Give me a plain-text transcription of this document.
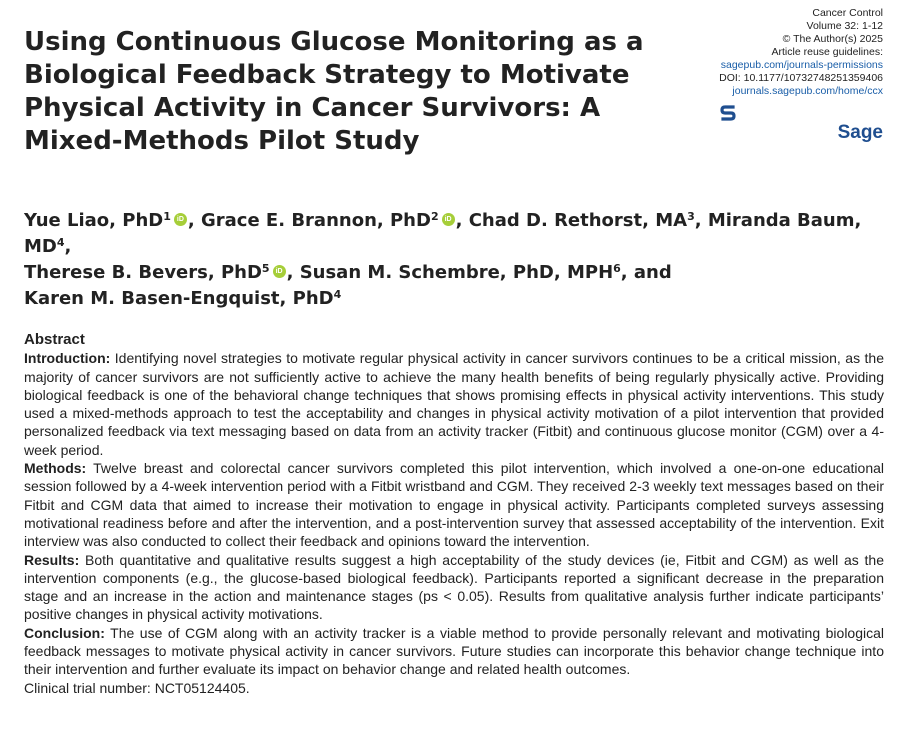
Cancer Control
Volume 32: 1-12
© The Author(s) 2025
Article reuse guidelines:
sagepub.com/journals-permissions
DOI: 10.1177/10732748251359406
journals.sagepub.com/home/ccx
Sage
Using Continuous Glucose Monitoring as a Biological Feedback Strategy to Motivate Physical Activity in Cancer Survivors: A Mixed-Methods Pilot Study

Yue Liao, PhD$^1$ iD , Grace E. Brannon, PhD$^2$ iD , Chad D. Rethorst, $MA^3$, Miranda Baum, $MD^4$,
Therese B. Bevers, PhD$^5$ iD , Susan M. Schembre, PhD, MPH$^6$, and
Karen M. Basen-Engquist, PhD$^4$

Abstract

Introduction: Identifying novel strategies to motivate regular physical activity in cancer survivors continues to be a critical mission, as the majority of cancer survivors are not sufficiently active to achieve the many health benefits of being regularly physically active. Providing biological feedback is one of the behavioral change techniques that shows promising effects in physical activity interventions. This study used a mixed-methods approach to test the acceptability and changes in physical activity motivation of a pilot intervention that provided personalized feedback via text messaging based on data from an activity tracker (Fitbit) and continuous glucose monitor (CGM) over a 4-week period.

Methods: Twelve breast and colorectal cancer survivors completed this pilot intervention, which involved a one-on-one educational session followed by a 4-week intervention period with a Fitbit wristband and CGM. They received 2-3 weekly text messages based on their Fitbit and CGM data that aimed to increase their motivation to engage in physical activity. Participants completed surveys assessing motivational readiness before and after the intervention, and a post-intervention survey that assessed acceptability of the intervention. Exit interview was also conducted to collect their feedback and opinions toward the intervention.

Results: Both quantitative and qualitative results suggest a high acceptability of the study devices (ie, Fitbit and CGM) as well as the intervention components (e.g., the glucose-based biological feedback). Participants reported a significant decrease in the preparation stage and an increase in the action and maintenance stages (ps < 0.05). Results from qualitative analysis further indicate participants’ positive changes in physical activity motivations.

Conclusion: The use of CGM along with an activity tracker is a viable method to provide personally relevant and motivating biological feedback messages to motivate physical activity in cancer survivors. Future studies can incorporate this behavior change technique into their intervention and further evaluate its impact on behavior change and related health outcomes.

Clinical trial number: NCT05124405.
